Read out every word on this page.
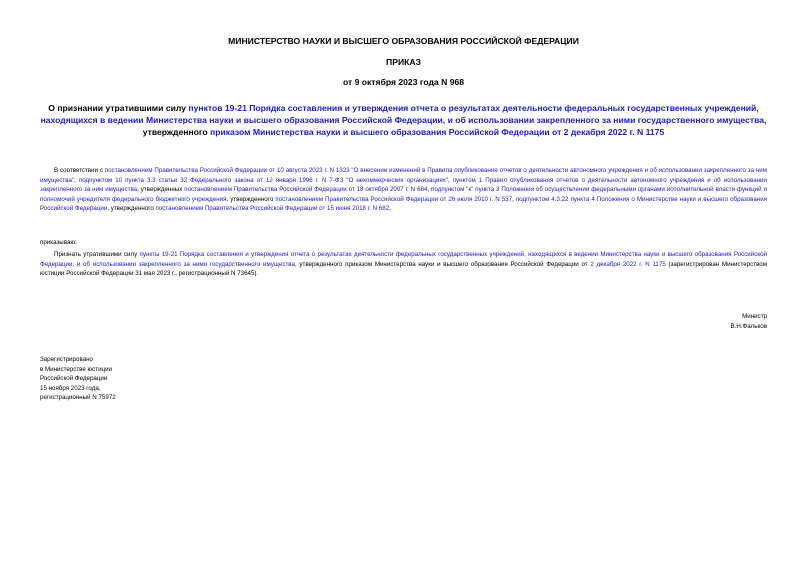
МИНИСТЕРСТВО НАУКИ И ВЫСШЕГО ОБРАЗОВАНИЯ РОССИЙСКОЙ ФЕДЕРАЦИИ
ПРИКАЗ
от 9 октября 2023 года N 968
О признании утратившими силу пунктов 19-21 Порядка составления и утверждения отчета о результатах деятельности федеральных государственных учреждений, находящихся в ведении Министерства науки и высшего образования Российской Федерации, и об использовании закрепленного за ними государственного имущества, утвержденного приказом Министерства науки и высшего образования Российской Федерации от 2 декабря 2022 г. N 1175
В соответствии с постановлением Правительства Российской Федерации от 10 августа 2023 г. N 1323 "О внесении изменений в Правила опубликования отчетов о деятельности автономного учреждения и об использовании закрепленного за ним имущества", подпунктом 10 пункта 3.3 статьи 32 Федерального закона от 12 января 1996 г. N 7-ФЗ "О некоммерческих организациях", пунктом 1 Правил опубликования отчетов о деятельности автономного учреждения и об использовании закрепленного за ним имущества, утвержденных постановлением Правительства Российской Федерации от 18 октября 2007 г. N 684, подпунктом "к" пункта 3 Положения об осуществлении федеральными органами исполнительной власти функций и полномочий учредителя федерального бюджетного учреждения, утвержденного постановлением Правительства Российской Федерации от 26 июля 2010 г. N 537, подпунктом 4.3.22 пункта 4 Положения о Министерстве науки и высшего образования Российской Федерации, утвержденного постановлением Правительства Российской Федерации от 15 июня 2018 г. N 682,
приказываю:
Признать утратившими силу пункты 19-21 Порядка составления и утверждения отчета о результатах деятельности федеральных государственных учреждений, находящихся в ведении Министерства науки и высшего образования Российской Федерации, и об использовании закрепленного за ними государственного имущества, утвержденного приказом Министерства науки и высшего образования Российской Федерации от 2 декабря 2022 г. N 1175 (зарегистрирован Министерством юстиции Российской Федерации 31 мая 2023 г., регистрационный N 73645).
Министр
В.Н.Фальков
Зарегистрировано
в Министерстве юстиции
Российской Федерации
15 ноября 2023 года,
регистрационный N 75972
